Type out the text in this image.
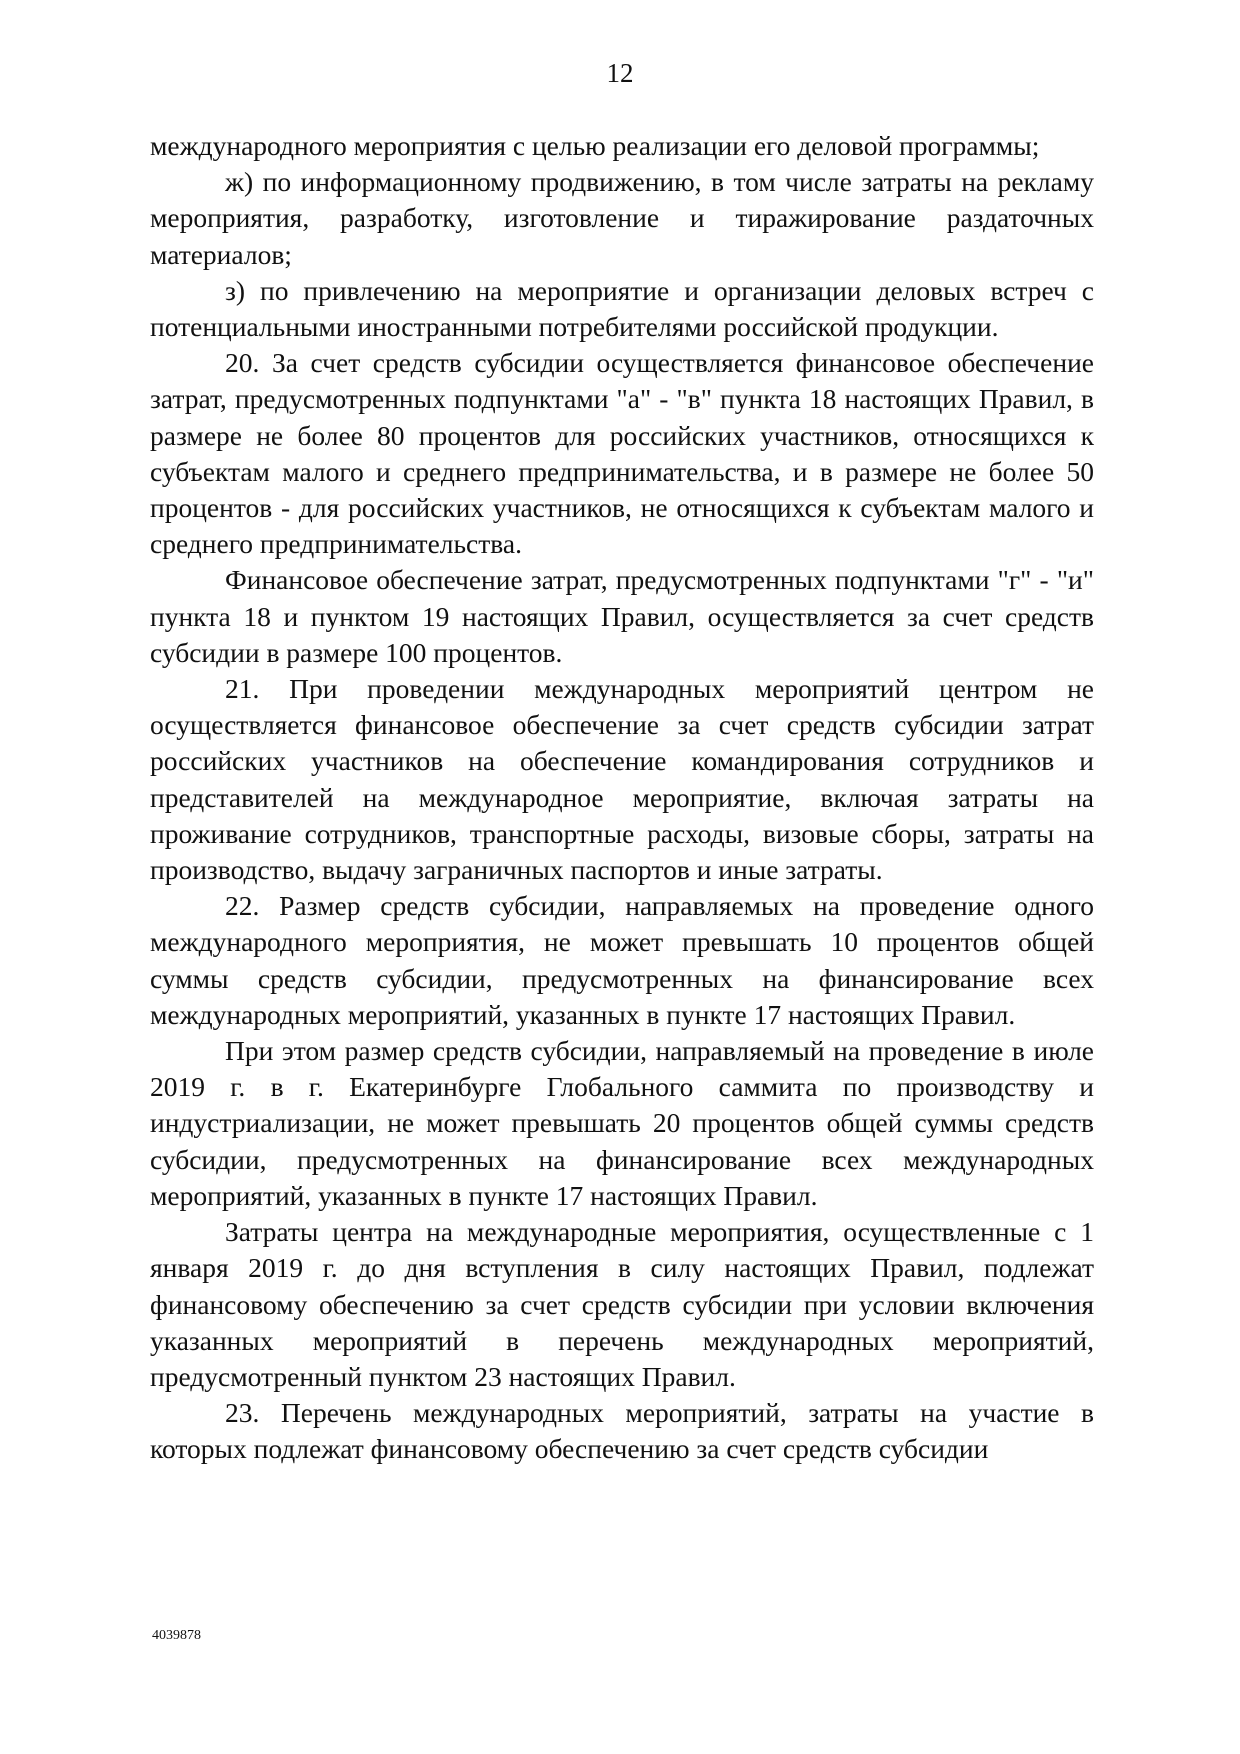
12

международного мероприятия с целью реализации его деловой программы;

ж) по информационному продвижению, в том числе затраты на рекламу мероприятия, разработку, изготовление и тиражирование раздаточных материалов;

з) по привлечению на мероприятие и организации деловых встреч с потенциальными иностранными потребителями российской продукции.

20. За счет средств субсидии осуществляется финансовое обеспечение затрат, предусмотренных подпунктами "а" - "в" пункта 18 настоящих Правил, в размере не более 80 процентов для российских участников, относящихся к субъектам малого и среднего предпринимательства, и в размере не более 50 процентов - для российских участников, не относящихся к субъектам малого и среднего предпринимательства.

Финансовое обеспечение затрат, предусмотренных подпунктами "г" - "и" пункта 18 и пунктом 19 настоящих Правил, осуществляется за счет средств субсидии в размере 100 процентов.

21. При проведении международных мероприятий центром не осуществляется финансовое обеспечение за счет средств субсидии затрат российских участников на обеспечение командирования сотрудников и представителей на международное мероприятие, включая затраты на проживание сотрудников, транспортные расходы, визовые сборы, затраты на производство, выдачу заграничных паспортов и иные затраты.

22. Размер средств субсидии, направляемых на проведение одного международного мероприятия, не может превышать 10 процентов общей суммы средств субсидии, предусмотренных на финансирование всех международных мероприятий, указанных в пункте 17 настоящих Правил.

При этом размер средств субсидии, направляемый на проведение в июле 2019 г. в г. Екатеринбурге Глобального саммита по производству и индустриализации, не может превышать 20 процентов общей суммы средств субсидии, предусмотренных на финансирование всех международных мероприятий, указанных в пункте 17 настоящих Правил.

Затраты центра на международные мероприятия, осуществленные с 1 января 2019 г. до дня вступления в силу настоящих Правил, подлежат финансовому обеспечению за счет средств субсидии при условии включения указанных мероприятий в перечень международных мероприятий, предусмотренный пунктом 23 настоящих Правил.

23. Перечень международных мероприятий, затраты на участие в которых подлежат финансовому обеспечению за счет средств субсидии

4039878
